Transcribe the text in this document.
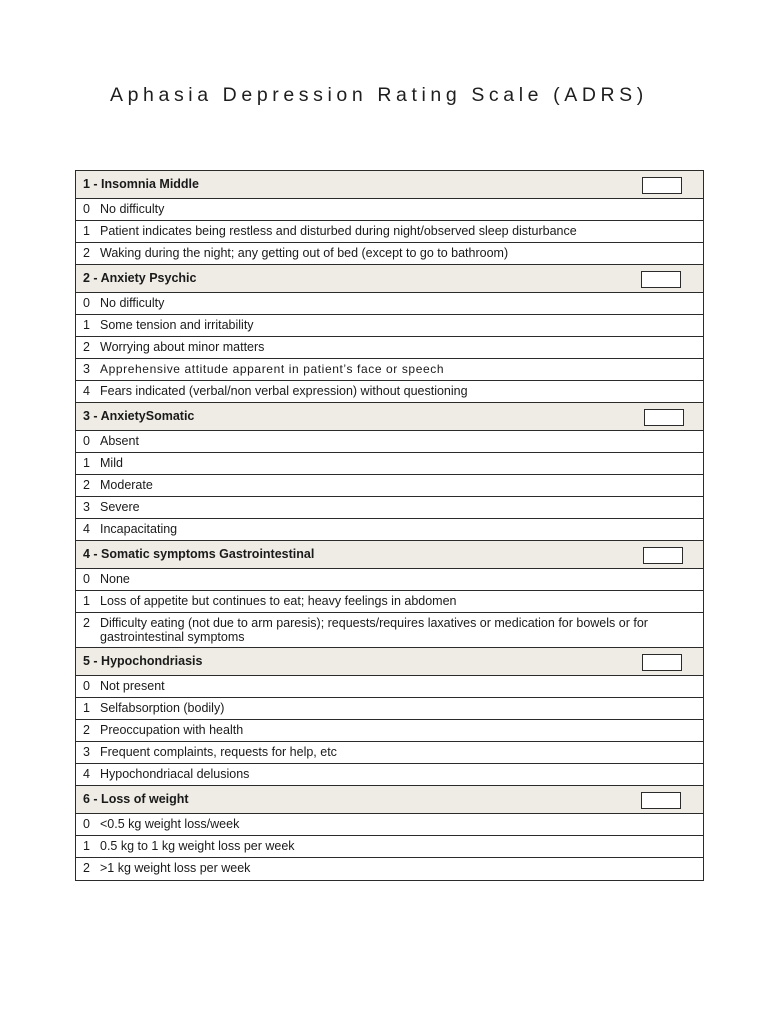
Aphasia Depression Rating Scale (ADRS)
1 - Insomnia Middle
0 No difficulty
1 Patient indicates being restless and disturbed during night/observed sleep disturbance
2 Waking during the night; any getting out of bed (except to go to bathroom)
2 - Anxiety Psychic
0 No difficulty
1 Some tension and irritability
2 Worrying about minor matters
3 Apprehensive attitude apparent in patient’s face or speech
4 Fears indicated (verbal/non verbal expression) without questioning
3 - AnxietySomatic
0 Absent
1 Mild
2 Moderate
3 Severe
4 Incapacitating
4 - Somatic symptoms Gastrointestinal
0 None
1 Loss of appetite but continues to eat; heavy feelings in abdomen
2 Difficulty eating (not due to arm paresis); requests/requires laxatives or medication for bowels or for gastrointestinal symptoms
5 - Hypochondriasis
0 Not present
1 Selfabsorption (bodily)
2 Preoccupation with health
3 Frequent complaints, requests for help, etc
4 Hypochondriacal delusions
6 - Loss of weight
0 <0.5 kg weight loss/week
1 0.5 kg to 1 kg weight loss per week
2 >1 kg weight loss per week
